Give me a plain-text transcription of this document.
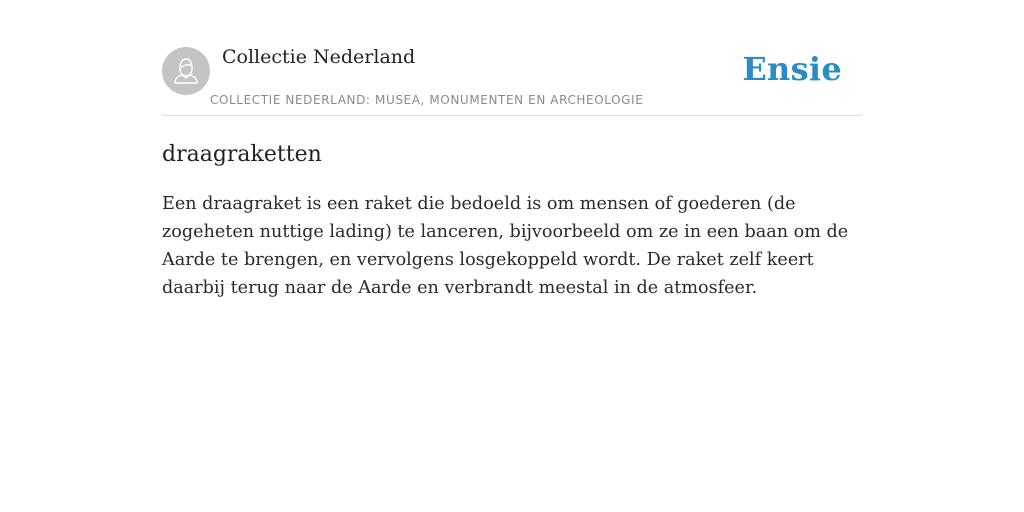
Collectie Nederland
COLLECTIE NEDERLAND: MUSEA, MONUMENTEN EN ARCHEOLOGIE
Ensie
draagraketten

Een draagraket is een raket die bedoeld is om mensen of goederen (de zogeheten nuttige lading) te lanceren, bijvoorbeeld om ze in een baan om de Aarde te brengen, en vervolgens losgekoppeld wordt. De raket zelf keert daarbij terug naar de Aarde en verbrandt meestal in de atmosfeer.
